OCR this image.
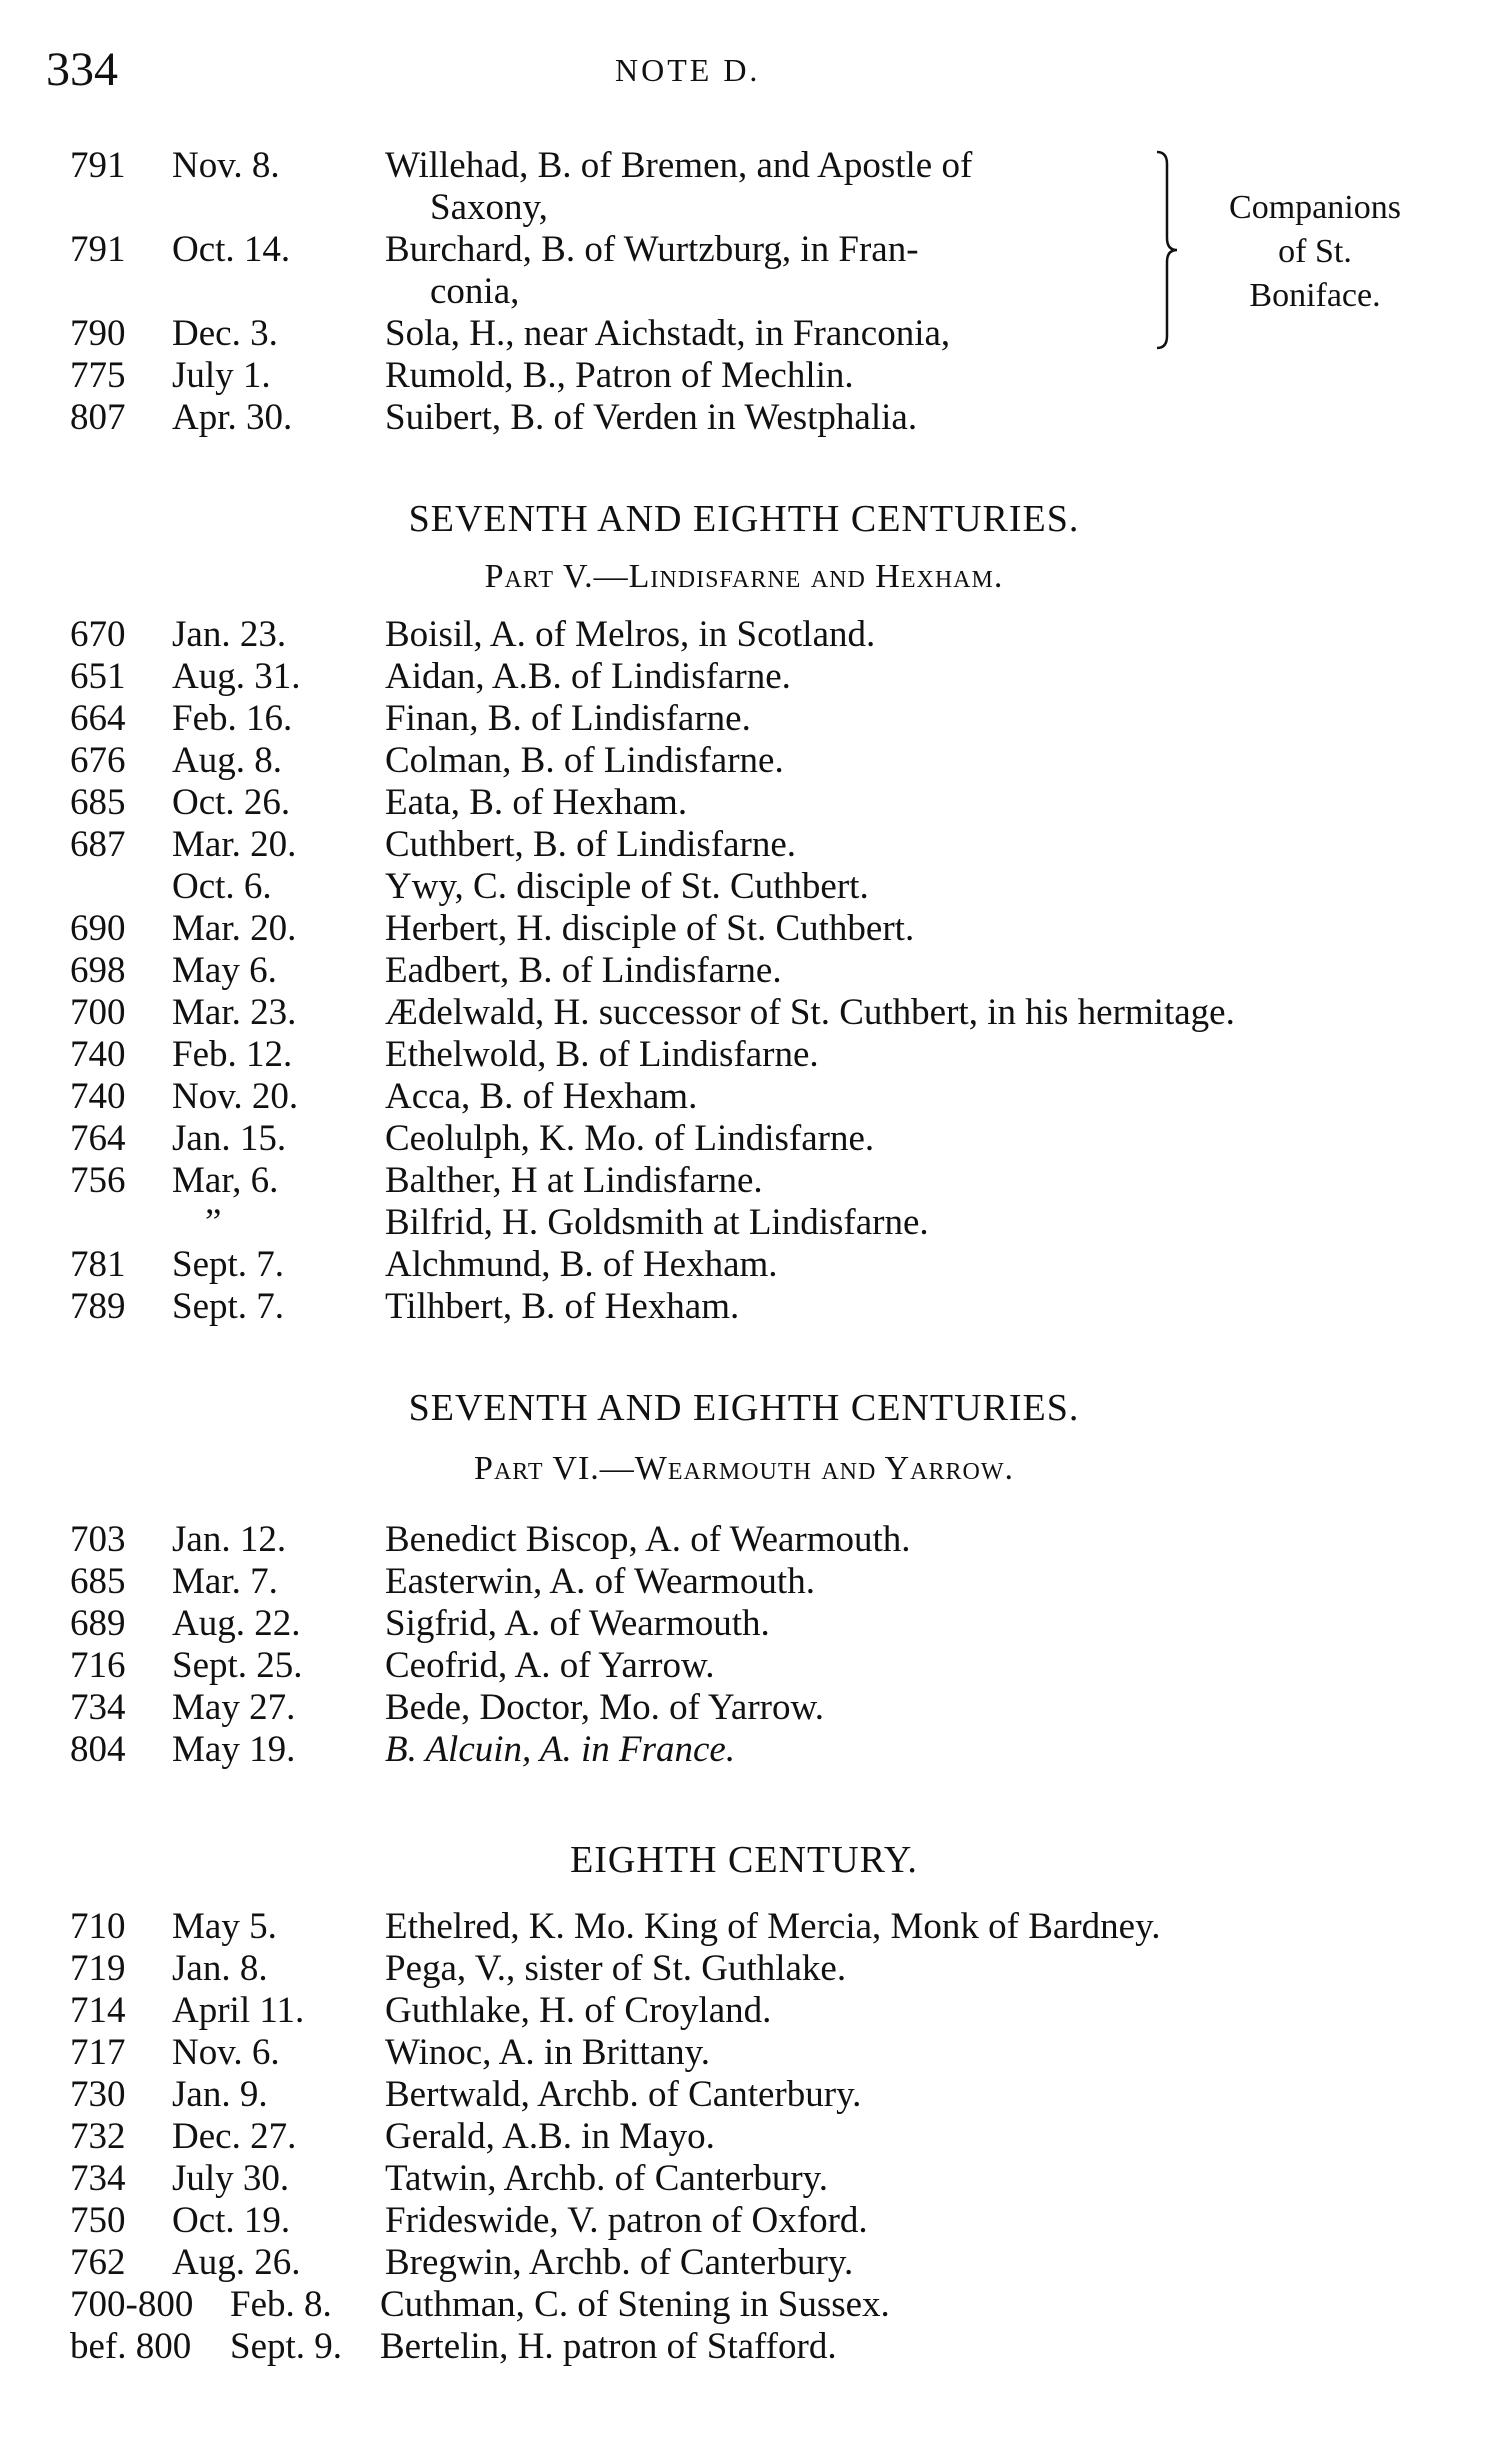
334	NOTE D.
791 Nov. 8.	Willehad, B. of Bremen, and Apostle of
Saxony,
791 Oct. 14.	Burchard, B. of Wurtzburg, in Fran-
conia,
790 Dec. 3.	Sola, H., near Aichstadt, in Franconia,
775 July 1.	Rumold, B., Patron of Mechlin.
807 Apr. 30.	Suibert, B. of Verden in Westphalia.
Companions
of St.
Boniface.
SEVENTH AND EIGHTH CENTURIES.
Part V.—Lindisfarne and Hexham.
670 Jan. 23.	Boisil, A. of Melros, in Scotland.
651 Aug. 31. Aidan, A.B. of Lindisfarne.
664 Feb. 16.	Finan, B. of Lindisfarne.
676 Aug. 8.	Colman, B. of Lindisfarne.
685 Oct. 26.	Eata, B. of Hexham.
687 Mar. 20. Cuthbert, B. of Lindisfarne.
Oct. 6.	Ywy, C. disciple of St. Cuthbert.
690 Mar. 20. Herbert, H. disciple of St. Cuthbert.
698 May 6.	Eadbert, B. of Lindisfarne.
700 Mar. 23. Ædelwald, H. successor of St. Cuthbert, in his hermitage.
740 Feb. 12.	Ethelwold, B. of Lindisfarne.
740 Nov. 20. Acca, B. of Hexham.
764 Jan. 15.	Ceolulph, K. Mo. of Lindisfarne.
756 Mar, 6.	Balther, H at Lindisfarne.
”	Bilfrid, H. Goldsmith at Lindisfarne.
781 Sept. 7.	Alchmund, B. of Hexham.
789 Sept. 7.	Tilhbert, B. of Hexham.
SEVENTH AND EIGHTH CENTURIES.
Part VI.—Wearmouth and Yarrow.
703 Jan. 12.	Benedict Biscop, A. of Wearmouth.
685 Mar. 7.	Easterwin, A. of Wearmouth.
689 Aug. 22. Sigfrid, A. of Wearmouth.
716 Sept. 25. Ceofrid, A. of Yarrow.
734 May 27. Bede, Doctor, Mo. of Yarrow.
804 May 19. B. Alcuin, A. in France.
EIGHTH CENTURY.
710 May 5.	Ethelred, K. Mo. King of Mercia, Monk of Bardney.
719 Jan. 8.	Pega, V., sister of St. Guthlake.
714 April 11. Guthlake, H. of Croyland.
717 Nov. 6.	Winoc, A. in Brittany.
730 Jan. 9.	Bertwald, Archb. of Canterbury.
732 Dec. 27. Gerald, A.B. in Mayo.
734 July 30.	Tatwin, Archb. of Canterbury.
750 Oct. 19.	Frideswide, V. patron of Oxford.
762 Aug. 26. Bregwin, Archb. of Canterbury.
700-800 Feb. 8. Cuthman, C. of Stening in Sussex.
bef. 800 Sept. 9. Bertelin, H. patron of Stafford.
